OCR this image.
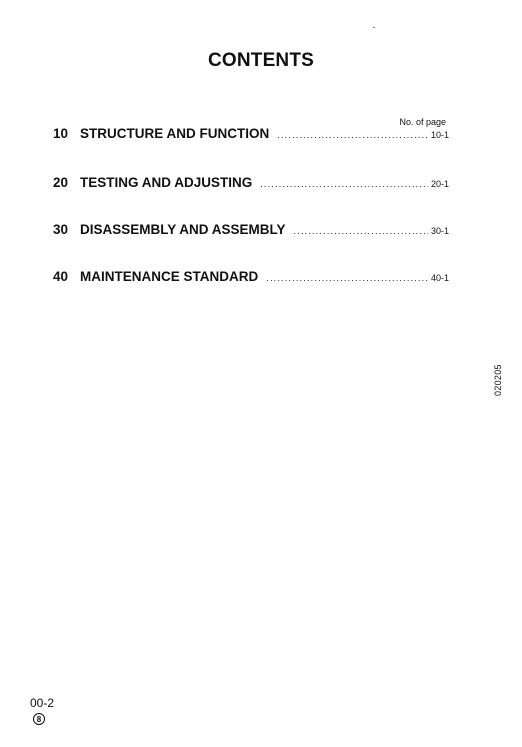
CONTENTS
No. of page
10 STRUCTURE AND FUNCTION .....	10-1
20 TESTING AND ADJUSTING .....	20-1
30 DISASSEMBLY AND ASSEMBLY .....	30-1
40 MAINTENANCE STANDARD .....	40-1
020205
00-2
8
